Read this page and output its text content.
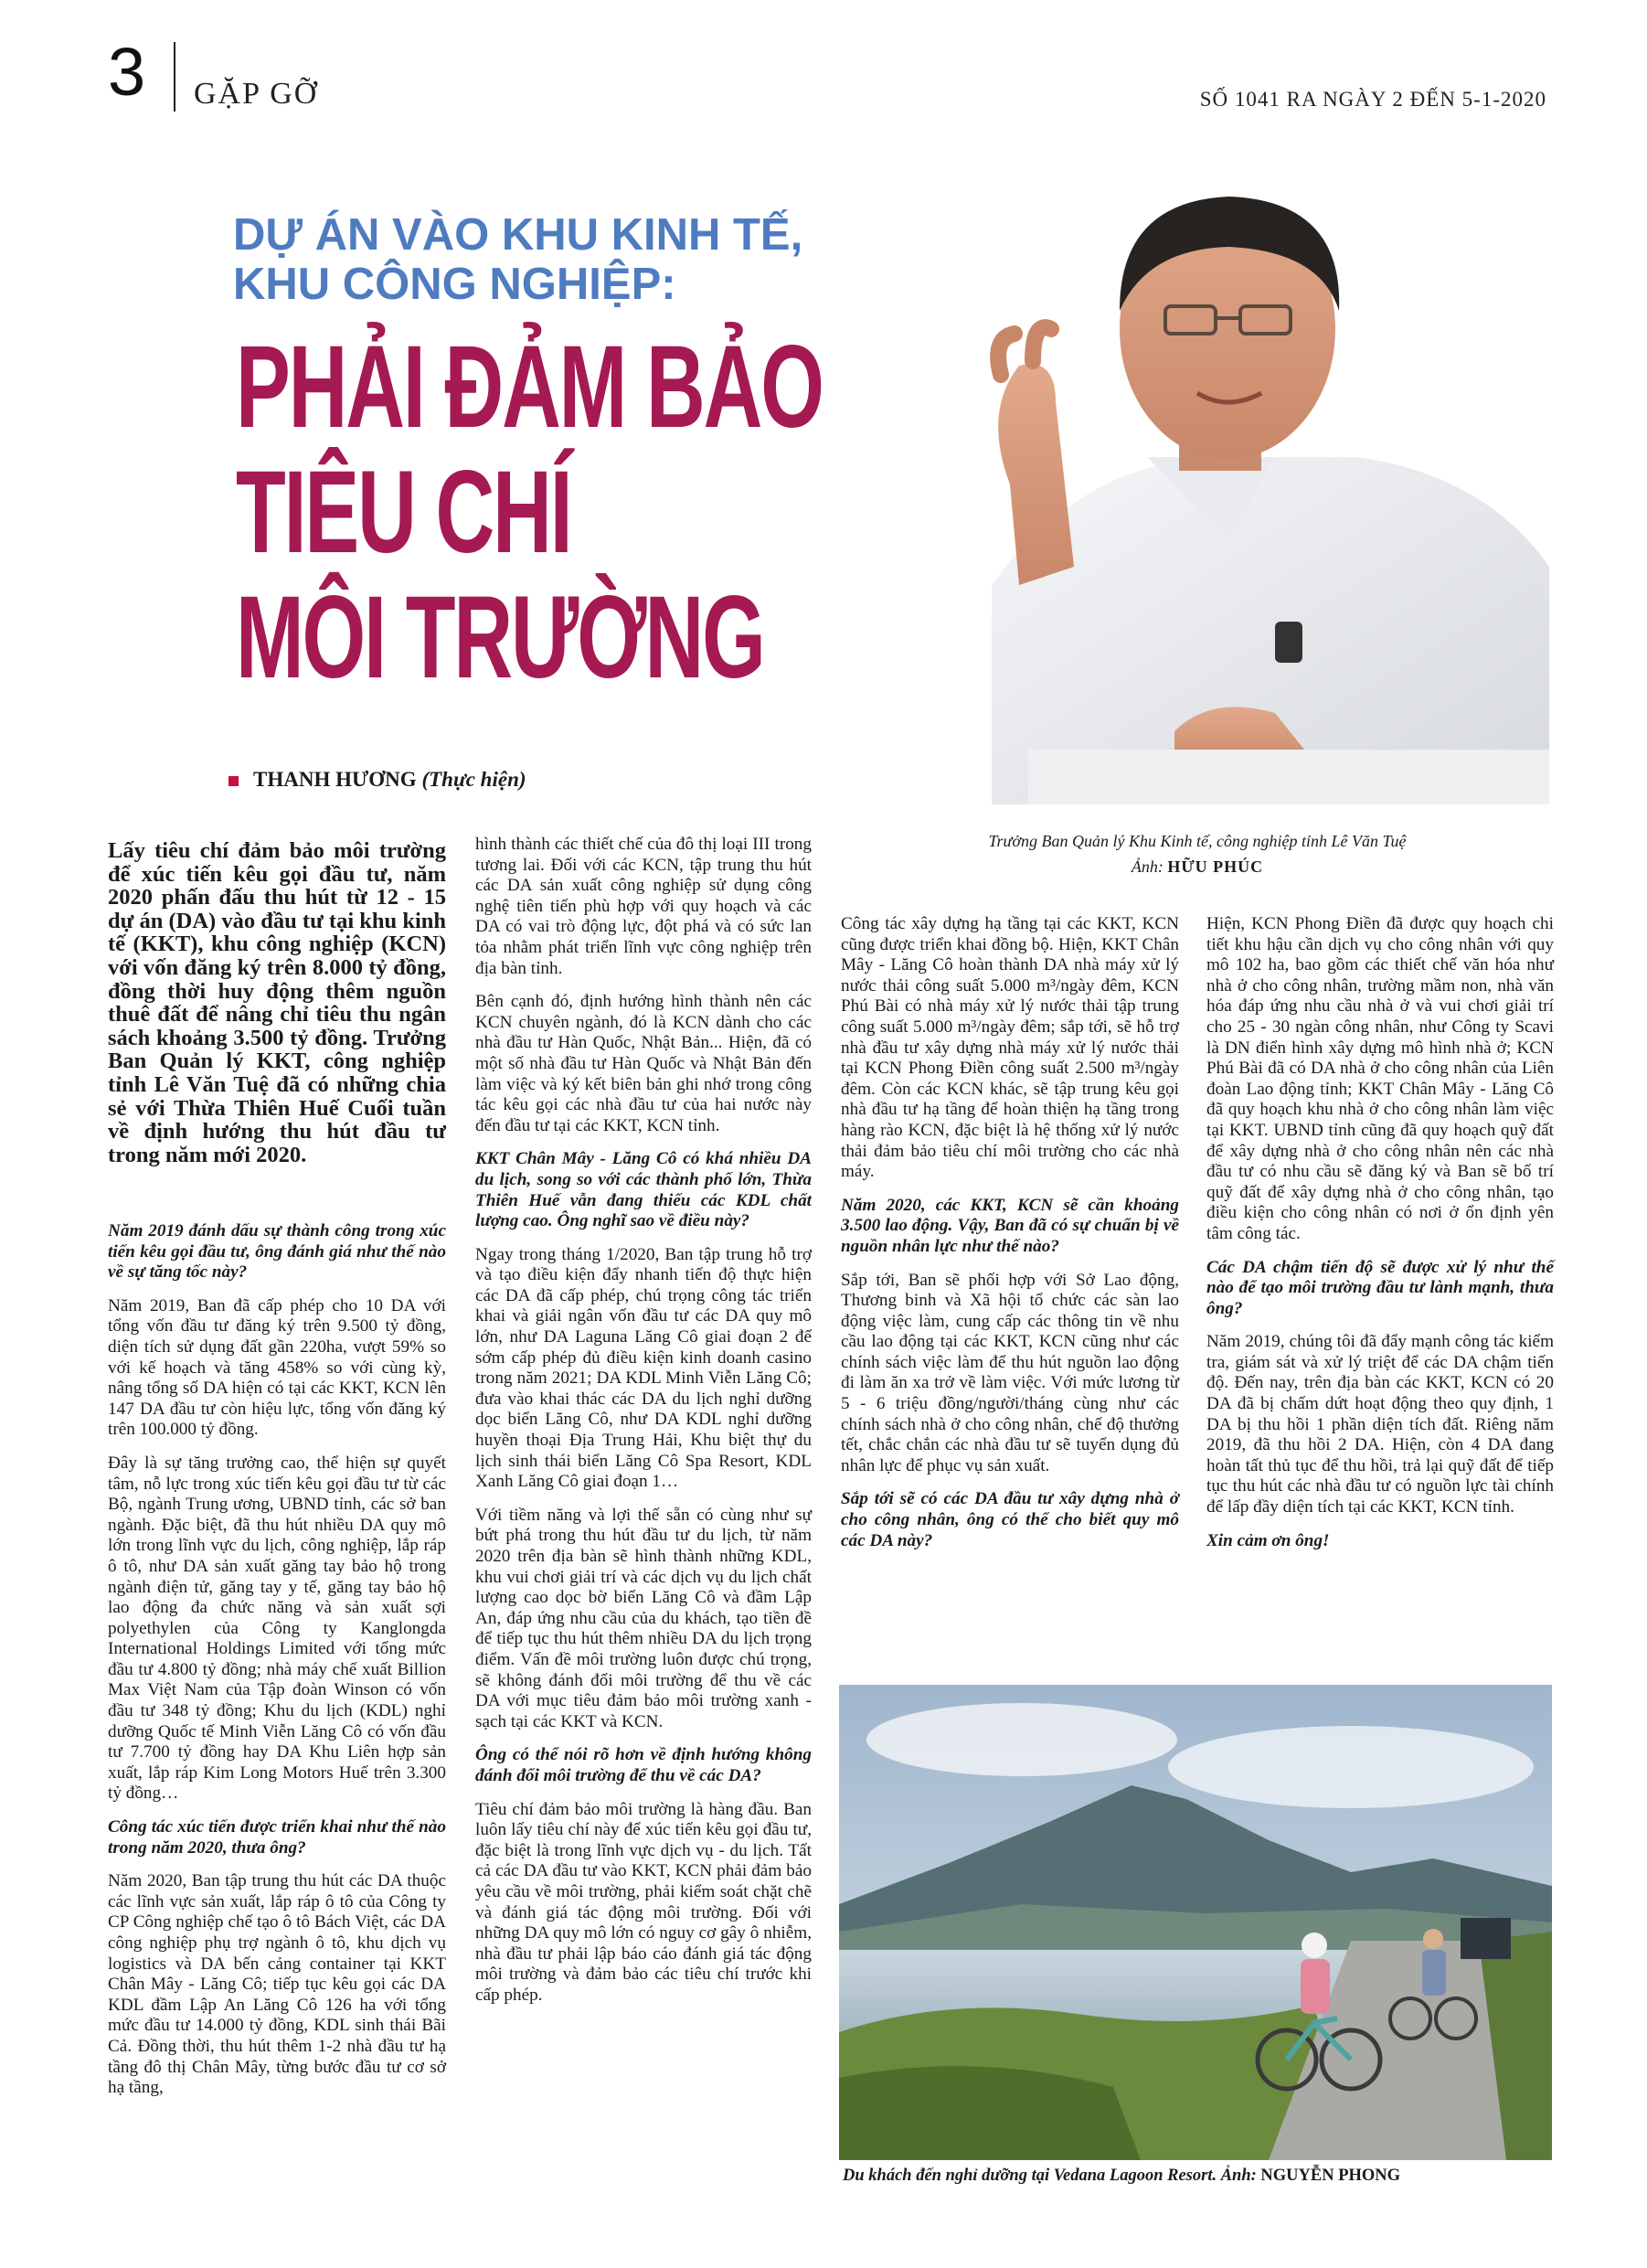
3 GẶP GỠ	SỐ 1041 RA NGÀY 2 ĐẾN 5-1-2020
DỰ ÁN VÀO KHU KINH TẾ,
KHU CÔNG NGHIỆP:
PHẢI ĐẢM BẢO
TIÊU CHÍ
MÔI TRƯỜNG
THANH HƯƠNG (Thực hiện)
Trưởng Ban Quản lý Khu Kinh tế, công nghiệp tỉnh Lê Văn Tuệ
Ảnh: HỮU PHÚC
Lấy tiêu chí đảm bảo môi trường để xúc tiến kêu gọi đầu tư, năm 2020 phấn đấu thu hút từ 12 - 15 dự án (DA) vào đầu tư tại khu kinh tế (KKT), khu công nghiệp (KCN) với vốn đăng ký trên 8.000 tỷ đồng, đồng thời huy động thêm nguồn thuê đất để nâng chỉ tiêu thu ngân sách khoảng 3.500 tỷ đồng. Trưởng Ban Quản lý KKT, công nghiệp tỉnh Lê Văn Tuệ đã có những chia sẻ với Thừa Thiên Huế Cuối tuần về định hướng thu hút đầu tư trong năm mới 2020.

Năm 2019 đánh dấu sự thành công trong xúc tiến kêu gọi đầu tư, ông đánh giá như thế nào về sự tăng tốc này?

Năm 2019, Ban đã cấp phép cho 10 DA với tổng vốn đầu tư đăng ký trên 9.500 tỷ đồng, diện tích sử dụng đất gần 220ha, vượt 59% so với kế hoạch và tăng 458% so với cùng kỳ, nâng tổng số DA hiện có tại các KKT, KCN lên 147 DA đầu tư còn hiệu lực, tổng vốn đăng ký trên 100.000 tỷ đồng.

Đây là sự tăng trưởng cao, thể hiện sự quyết tâm, nỗ lực trong xúc tiến kêu gọi đầu tư từ các Bộ, ngành Trung ương, UBND tỉnh, các sở ban ngành. Đặc biệt, đã thu hút nhiều DA quy mô lớn trong lĩnh vực du lịch, công nghiệp, lắp ráp ô tô, như DA sản xuất găng tay bảo hộ trong ngành điện tử, găng tay y tế, găng tay bảo hộ lao động đa chức năng và sản xuất sợi polyethylen của Công ty Kanglongda International Holdings Limited với tổng mức đầu tư 4.800 tỷ đồng; nhà máy chế xuất Billion Max Việt Nam của Tập đoàn Winson có vốn đầu tư 348 tỷ đồng; Khu du lịch (KDL) nghỉ dưỡng Quốc tế Minh Viễn Lăng Cô có vốn đầu tư 7.700 tỷ đồng hay DA Khu Liên hợp sản xuất, lắp ráp Kim Long Motors Huế trên 3.300 tỷ đồng…

Công tác xúc tiến được triển khai như thế nào trong năm 2020, thưa ông?

Năm 2020, Ban tập trung thu hút các DA thuộc các lĩnh vực sản xuất, lắp ráp ô tô của Công ty CP Công nghiệp chế tạo ô tô Bách Việt, các DA công nghiệp phụ trợ ngành ô tô, khu dịch vụ logistics và DA bến cảng container tại KKT Chân Mây - Lăng Cô; tiếp tục kêu gọi các DA KDL đầm Lập An Lăng Cô 126 ha với tổng mức đầu tư 14.000 tỷ đồng, KDL sinh thái Bãi Cả. Đồng thời, thu hút thêm 1-2 nhà đầu tư hạ tầng đô thị Chân Mây, từng bước đầu tư cơ sở hạ tầng,

hình thành các thiết chế của đô thị loại III trong tương lai. Đối với các KCN, tập trung thu hút các DA sản xuất công nghiệp sử dụng công nghệ tiên tiến phù hợp với quy hoạch và các DA có vai trò động lực, đột phá và có sức lan tỏa nhằm phát triển lĩnh vực công nghiệp trên địa bàn tỉnh.

Bên cạnh đó, định hướng hình thành nên các KCN chuyên ngành, đó là KCN dành cho các nhà đầu tư Hàn Quốc, Nhật Bản... Hiện, đã có một số nhà đầu tư Hàn Quốc và Nhật Bản đến làm việc và ký kết biên bản ghi nhớ trong công tác kêu gọi các nhà đầu tư của hai nước này đến đầu tư tại các KKT, KCN tỉnh.

KKT Chân Mây - Lăng Cô có khá nhiều DA du lịch, song so với các thành phố lớn, Thừa Thiên Huế vẫn đang thiếu các KDL chất lượng cao. Ông nghĩ sao về điều này?

Ngay trong tháng 1/2020, Ban tập trung hỗ trợ và tạo điều kiện đẩy nhanh tiến độ thực hiện các DA đã cấp phép, chú trọng công tác triển khai và giải ngân vốn đầu tư các DA quy mô lớn, như DA Laguna Lăng Cô giai đoạn 2 để sớm cấp phép đủ điều kiện kinh doanh casino trong năm 2021; DA KDL Minh Viễn Lăng Cô; đưa vào khai thác các DA du lịch nghỉ dưỡng dọc biển Lăng Cô, như DA KDL nghỉ dưỡng huyền thoại Địa Trung Hải, Khu biệt thự du lịch sinh thái biển Lăng Cô Spa Resort, KDL Xanh Lăng Cô giai đoạn 1…

Với tiềm năng và lợi thế sẵn có cùng như sự bứt phá trong thu hút đầu tư du lịch, từ năm 2020 trên địa bàn sẽ hình thành những KDL, khu vui chơi giải trí và các dịch vụ du lịch chất lượng cao dọc bờ biển Lăng Cô và đầm Lập An, đáp ứng nhu cầu của du khách, tạo tiền đề để tiếp tục thu hút thêm nhiều DA du lịch trọng điểm. Vấn đề môi trường luôn được chú trọng, sẽ không đánh đổi môi trường để thu về các DA với mục tiêu đảm bảo môi trường xanh - sạch tại các KKT và KCN.

Ông có thể nói rõ hơn về định hướng không đánh đổi môi trường để thu về các DA?

Tiêu chí đảm bảo môi trường là hàng đầu. Ban luôn lấy tiêu chí này để xúc tiến kêu gọi đầu tư, đặc biệt là trong lĩnh vực dịch vụ - du lịch. Tất cả các DA đầu tư vào KKT, KCN phải đảm bảo yêu cầu về môi trường, phải kiểm soát chặt chẽ và đánh giá tác động môi trường. Đối với những DA quy mô lớn có nguy cơ gây ô nhiễm, nhà đầu tư phải lập báo cáo đánh giá tác động môi trường và đảm bảo các tiêu chí trước khi cấp phép.

Công tác xây dựng hạ tầng tại các KKT, KCN cũng được triển khai đồng bộ. Hiện, KKT Chân Mây - Lăng Cô hoàn thành DA nhà máy xử lý nước thải công suất 5.000 m³/ngày đêm, KCN Phú Bài có nhà máy xử lý nước thải tập trung công suất 5.000 m³/ngày đêm; sắp tới, sẽ hỗ trợ nhà đầu tư xây dựng nhà máy xử lý nước thải tại KCN Phong Điền công suất 2.500 m³/ngày đêm. Còn các KCN khác, sẽ tập trung kêu gọi nhà đầu tư hạ tầng để hoàn thiện hạ tầng trong hàng rào KCN, đặc biệt là hệ thống xử lý nước thải đảm bảo tiêu chí môi trường cho các nhà máy.

Năm 2020, các KKT, KCN sẽ cần khoảng 3.500 lao động. Vậy, Ban đã có sự chuẩn bị về nguồn nhân lực như thế nào?

Sắp tới, Ban sẽ phối hợp với Sở Lao động, Thương binh và Xã hội tổ chức các sàn lao động việc làm, cung cấp các thông tin về nhu cầu lao động tại các KKT, KCN cũng như các chính sách việc làm để thu hút nguồn lao động đi làm ăn xa trở về làm việc. Với mức lương từ 5 - 6 triệu đồng/người/tháng cùng như các chính sách nhà ở cho công nhân, chế độ thưởng tết, chắc chắn các nhà đầu tư sẽ tuyển dụng đủ nhân lực để phục vụ sản xuất.

Sắp tới sẽ có các DA đầu tư xây dựng nhà ở cho công nhân, ông có thể cho biết quy mô các DA này?

Hiện, KCN Phong Điền đã được quy hoạch chi tiết khu hậu cần dịch vụ cho công nhân với quy mô 102 ha, bao gồm các thiết chế văn hóa như nhà ở cho công nhân, trường mầm non, nhà văn hóa đáp ứng nhu cầu nhà ở và vui chơi giải trí cho 25 - 30 ngàn công nhân, như Công ty Scavi là DN điển hình xây dựng mô hình nhà ở; KCN Phú Bài đã có DA nhà ở cho công nhân của Liên đoàn Lao động tỉnh; KKT Chân Mây - Lăng Cô đã quy hoạch khu nhà ở cho công nhân làm việc tại KKT. UBND tỉnh cũng đã quy hoạch quỹ đất để xây dựng nhà ở cho công nhân nên các nhà đầu tư có nhu cầu sẽ đăng ký và Ban sẽ bố trí quỹ đất để xây dựng nhà ở cho công nhân, tạo điều kiện cho công nhân có nơi ở ổn định yên tâm công tác.

Các DA chậm tiến độ sẽ được xử lý như thế nào để tạo môi trường đầu tư lành mạnh, thưa ông?

Năm 2019, chúng tôi đã đẩy mạnh công tác kiểm tra, giám sát và xử lý triệt để các DA chậm tiến độ. Đến nay, trên địa bàn các KKT, KCN có 20 DA đã bị chấm dứt hoạt động theo quy định, 1 DA bị thu hồi 1 phần diện tích đất. Riêng năm 2019, đã thu hồi 2 DA. Hiện, còn 4 DA đang hoàn tất thủ tục để thu hồi, trả lại quỹ đất để tiếp tục thu hút các nhà đầu tư có nguồn lực tài chính để lấp đầy diện tích tại các KKT, KCN tỉnh.

Xin cảm ơn ông!

Du khách đến nghỉ dưỡng tại Vedana Lagoon Resort. Ảnh: NGUYỄN PHONG
